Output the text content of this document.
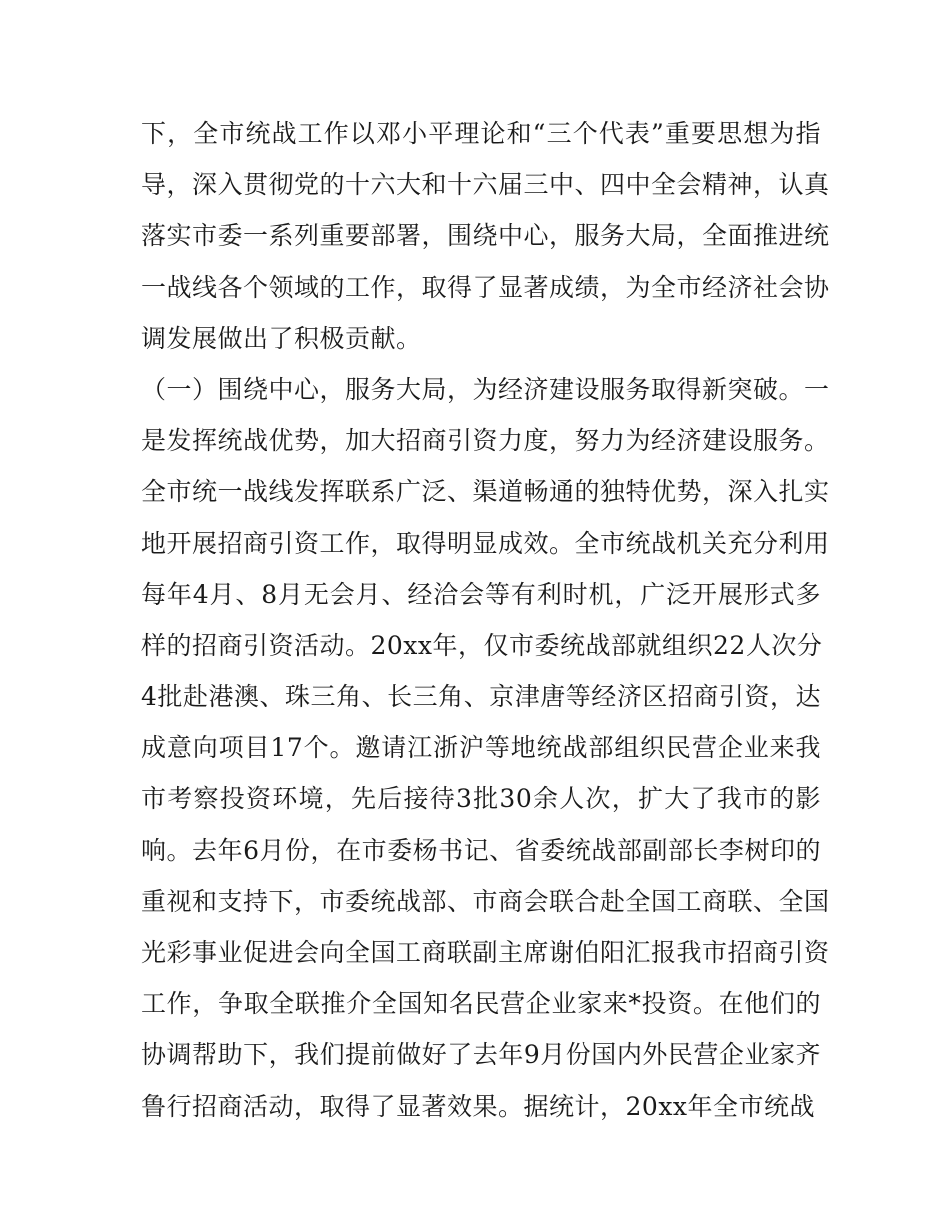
下，全市统战工作以邓小平理论和“三个代表”重要思想为指
导，深入贯彻党的十六大和十六届三中、四中全会精神，认真
落实市委一系列重要部署，围绕中心，服务大局，全面推进统
一战线各个领域的工作，取得了显著成绩，为全市经济社会协
调发展做出了积极贡献。
（一）围绕中心，服务大局，为经济建设服务取得新突破。一
是发挥统战优势，加大招商引资力度，努力为经济建设服务。
全市统一战线发挥联系广泛、渠道畅通的独特优势，深入扎实
地开展招商引资工作，取得明显成效。全市统战机关充分利用
每年4月、8月无会月、经洽会等有利时机，广泛开展形式多
样的招商引资活动。20xx年，仅市委统战部就组织22人次分
4批赴港澳、珠三角、长三角、京津唐等经济区招商引资，达
成意向项目17个。邀请江浙沪等地统战部组织民营企业来我
市考察投资环境，先后接待3批30余人次，扩大了我市的影
响。去年6月份，在市委杨书记、省委统战部副部长李树印的
重视和支持下，市委统战部、市商会联合赴全国工商联、全国
光彩事业促进会向全国工商联副主席谢伯阳汇报我市招商引资
工作，争取全联推介全国知名民营企业家来*投资。在他们的
协调帮助下，我们提前做好了去年9月份国内外民营企业家齐
鲁行招商活动，取得了显著效果。据统计，20xx年全市统战
